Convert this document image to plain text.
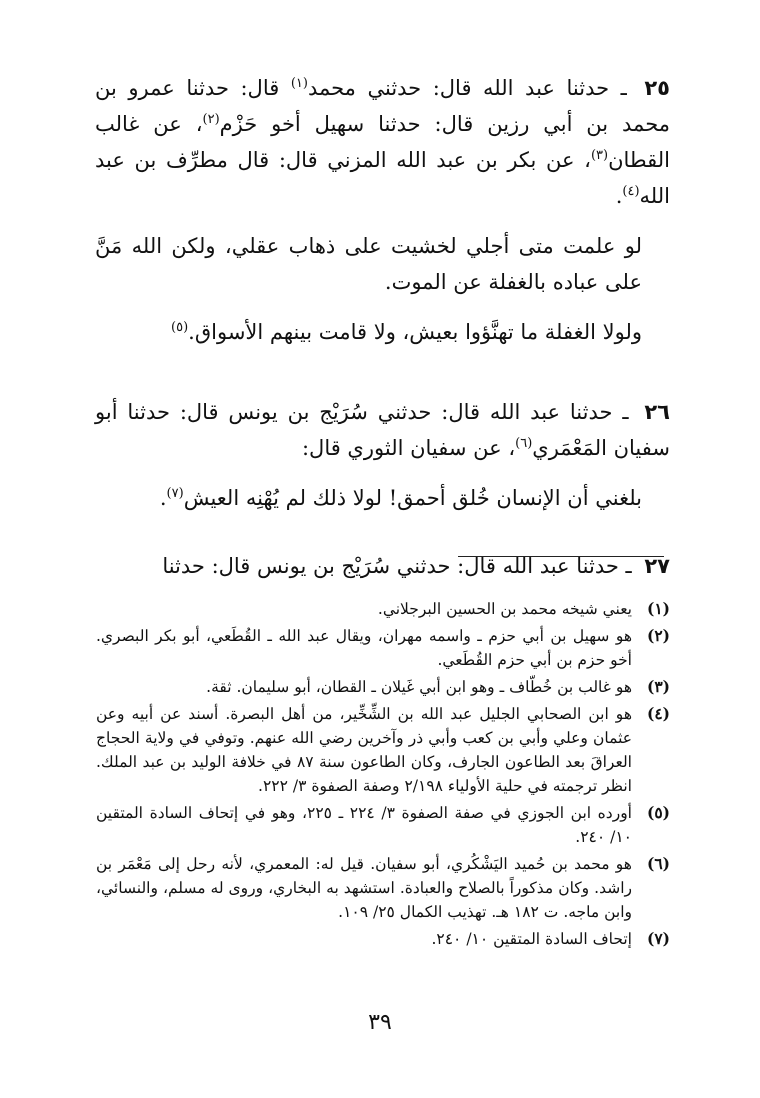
٢٥ ـ حدثنا عبد الله قال: حدثني محمد$^{(١)}$ قال: حدثنا عمرو بن محمد بن أبي رزين قال: حدثنا سهيل أخو حَزْم$^{(٢)}$، عن غالب القطان$^{(٣)}$، عن بكر بن عبد الله المزني قال: قال مطرِّف بن عبد الله$^{(٤)}$.

لو علمت متى أجلي لخشيت على ذهاب عقلي، ولكن الله مَنَّ على عباده بالغفلة عن الموت.

ولولا الغفلة ما تهنَّؤوا بعيش، ولا قامت بينهم الأسواق.$^{(٥)}$

٢٦ ـ حدثنا عبد الله قال: حدثني سُرَيْج بن يونس قال: حدثنا أبو سفيان المَعْمَري$^{(٦)}$، عن سفيان الثوري قال:

بلغني أن الإنسان خُلق أحمق! لولا ذلك لم يُهْنِه العيش$^{(٧)}$.

٢٧ ـ حدثنا عبد الله قال: حدثني سُرَيْج بن يونس قال: حدثنا

(١)
يعني شيخه محمد بن الحسين البرجلاني.
(٢)
هو سهيل بن أبي حزم ـ واسمه مهران، ويقال عبد الله ـ القُطَعي، أبو بكر البصري. أخو حزم بن أبي حزم القُطَعي.
(٣)
هو غالب بن خُطّاف ـ وهو ابن أبي غَيلان ـ القطان، أبو سليمان. ثقة.
(٤)
هو ابن الصحابي الجليل عبد الله بن الشِّخِّير، من أهل البصرة. أسند عن أبيه وعن عثمان وعلي وأبي بن كعب وأبي ذر وآخرين رضي الله عنهم. وتوفي في ولاية الحجاج العراقَ بعد الطاعون الجارف، وكان الطاعون سنة ٨٧ في خلافة الوليد بن عبد الملك. انظر ترجمته في حلية الأولياء ٢/١٩٨ وصفة الصفوة ٣/ ٢٢٢.
(٥)
أورده ابن الجوزي في صفة الصفوة ٣/ ٢٢٤ ـ ٢٢٥، وهو في إتحاف السادة المتقين ١٠/ ٢٤٠.
(٦)
هو محمد بن حُميد اليَشْكُري، أبو سفيان. قيل له: المعمري، لأنه رحل إلى مَعْمَر بن راشد. وكان مذكوراً بالصلاح والعبادة. استشهد به البخاري، وروى له مسلم، والنسائي، وابن ماجه. ت ١٨٢ هـ. تهذيب الكمال ٢٥/ ١٠٩.
(٧)
إتحاف السادة المتقين ١٠/ ٢٤٠.
٣٩
